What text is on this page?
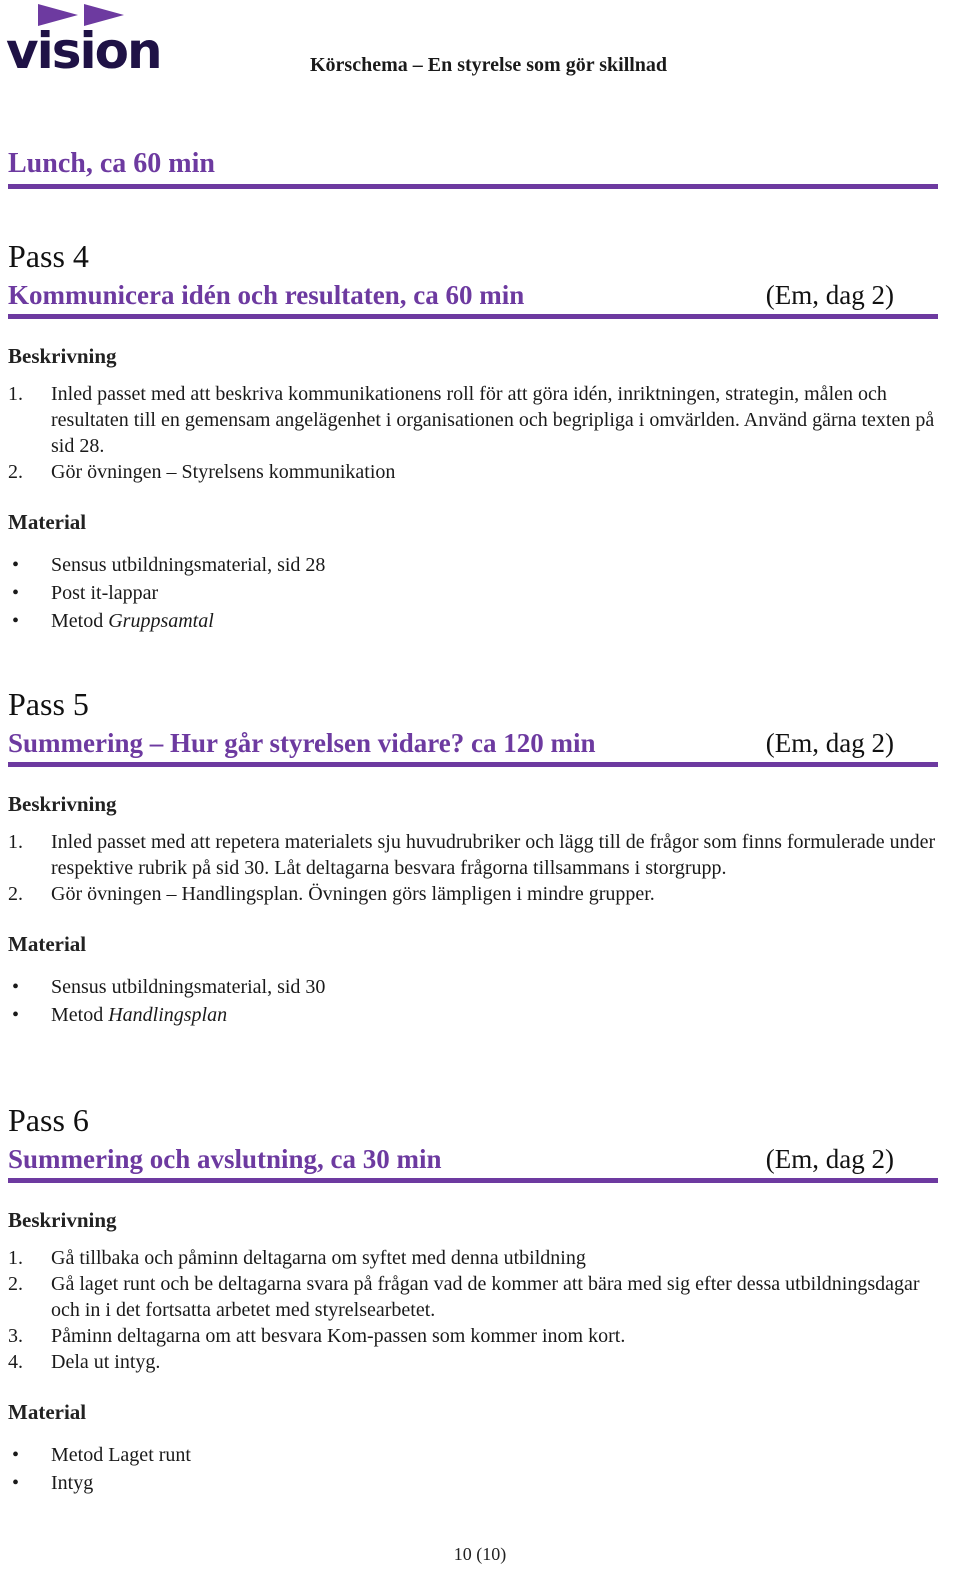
vision	Körschema – En styrelse som gör skillnad
Lunch, ca 60 min
Pass 4
Kommunicera idén och resultaten, ca 60 min	(Em, dag 2)
Beskrivning
1. Inled passet med att beskriva kommunikationens roll för att göra idén, inriktningen, strategin, målen och resultaten till en gemensam angelägenhet i organisationen och begripliga i omvärlden. Använd gärna texten på sid 28.
2. Gör övningen – Styrelsens kommunikation
Material
• Sensus utbildningsmaterial, sid 28
• Post it-lappar
• Metod Gruppsamtal
Pass 5
Summering – Hur går styrelsen vidare? ca 120 min	(Em, dag 2)
Beskrivning
1. Inled passet med att repetera materialets sju huvudrubriker och lägg till de frågor som finns formulerade under respektive rubrik på sid 30. Låt deltagarna besvara frågorna tillsammans i storgrupp.
2. Gör övningen – Handlingsplan. Övningen görs lämpligen i mindre grupper.
Material
• Sensus utbildningsmaterial, sid 30
• Metod Handlingsplan
Pass 6
Summering och avslutning, ca 30 min	(Em, dag 2)
Beskrivning
1. Gå tillbaka och påminn deltagarna om syftet med denna utbildning
2. Gå laget runt och be deltagarna svara på frågan vad de kommer att bära med sig efter dessa utbildningsdagar och in i det fortsatta arbetet med styrelsearbetet.
3. Påminn deltagarna om att besvara Kom-passen som kommer inom kort.
4. Dela ut intyg.
Material
• Metod Laget runt
• Intyg
10 (10)
